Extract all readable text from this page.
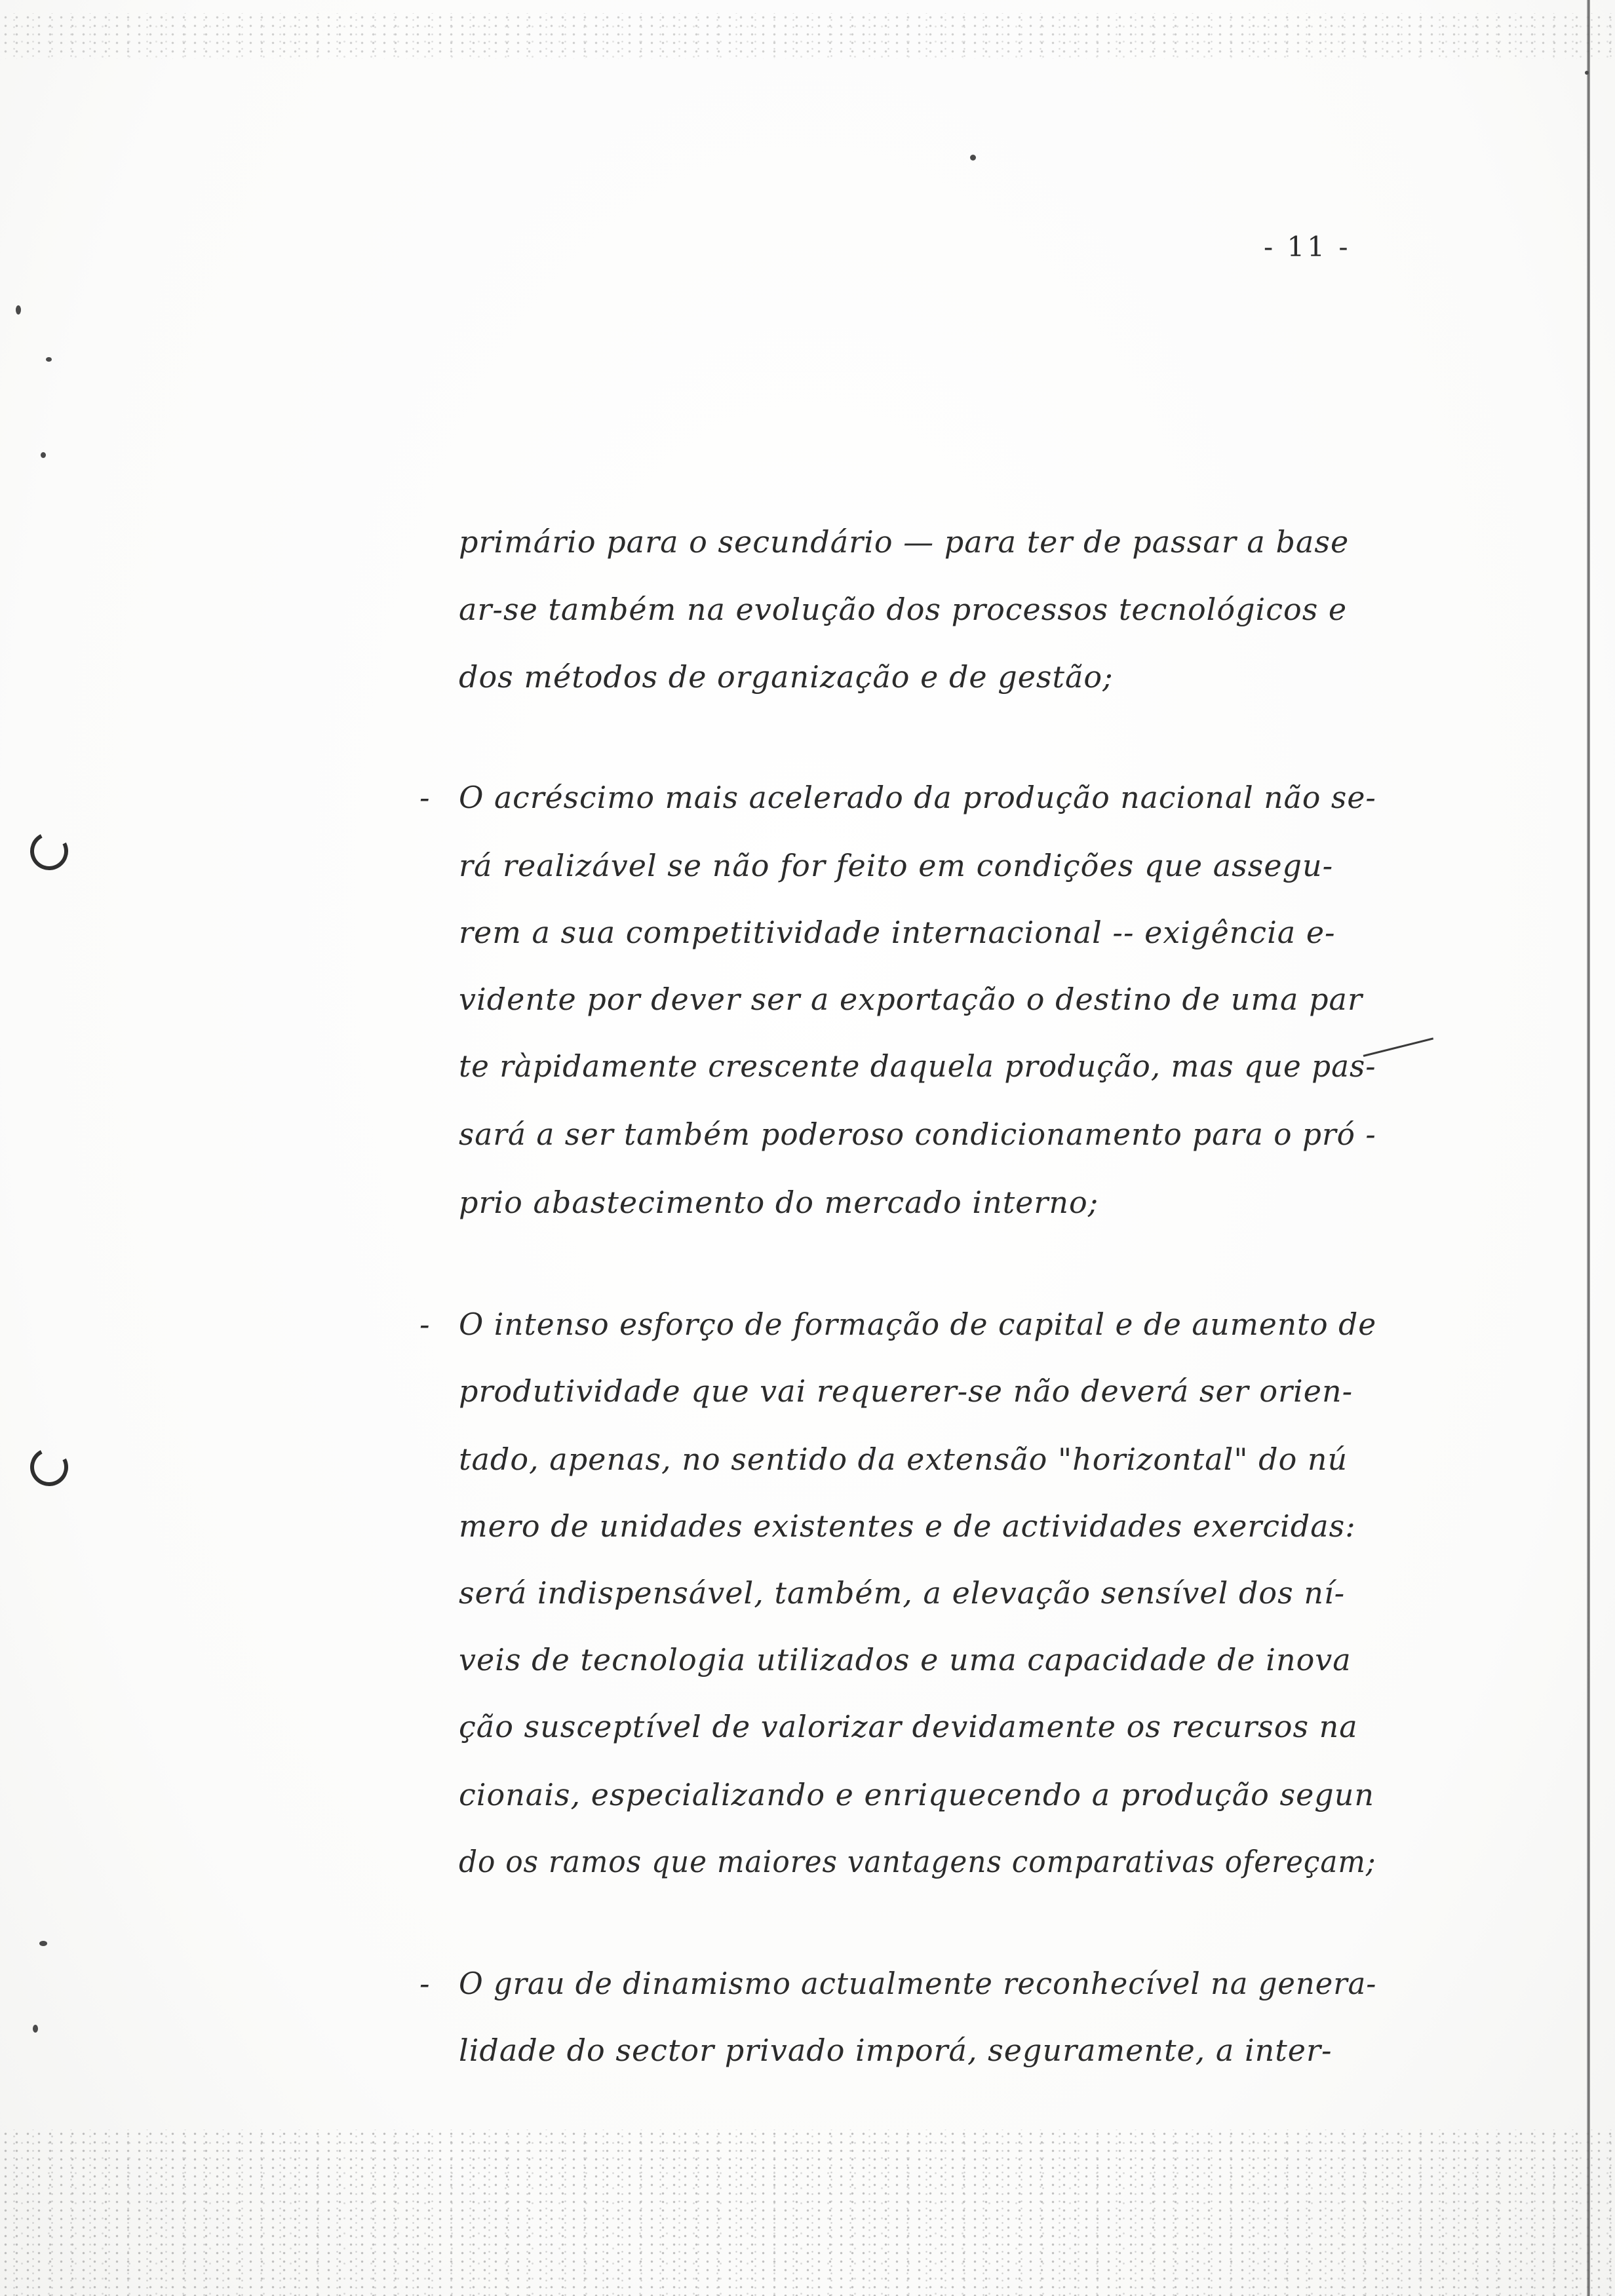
- 11 -
primário para o secundário — para ter de passar a base
ar-se também na evolução dos processos tecnológicos e
dos métodos de organização e de gestão;
- O acréscimo mais acelerado da produção nacional não se-
rá realizável se não for feito em condições que assegu-
rem a sua competitividade internacional -- exigência e-
vidente por dever ser a exportação o destino de uma par
te ràpidamente crescente daquela produção, mas que pas-
sará a ser também poderoso condicionamento para o pró -
prio abastecimento do mercado interno;
- O intenso esforço de formação de capital e de aumento de
produtividade que vai requerer-se não deverá ser orien-
tado, apenas, no sentido da extensão "horizontal" do nú
mero de unidades existentes e de actividades exercidas:
será indispensável, também, a elevação sensível dos ní-
veis de tecnologia utilizados e uma capacidade de inova
ção susceptível de valorizar devidamente os recursos na
cionais, especializando e enriquecendo a produção segun
do os ramos que maiores vantagens comparativas ofereçam;
- O grau de dinamismo actualmente reconhecível na genera-
lidade do sector privado imporá, seguramente, a inter-
